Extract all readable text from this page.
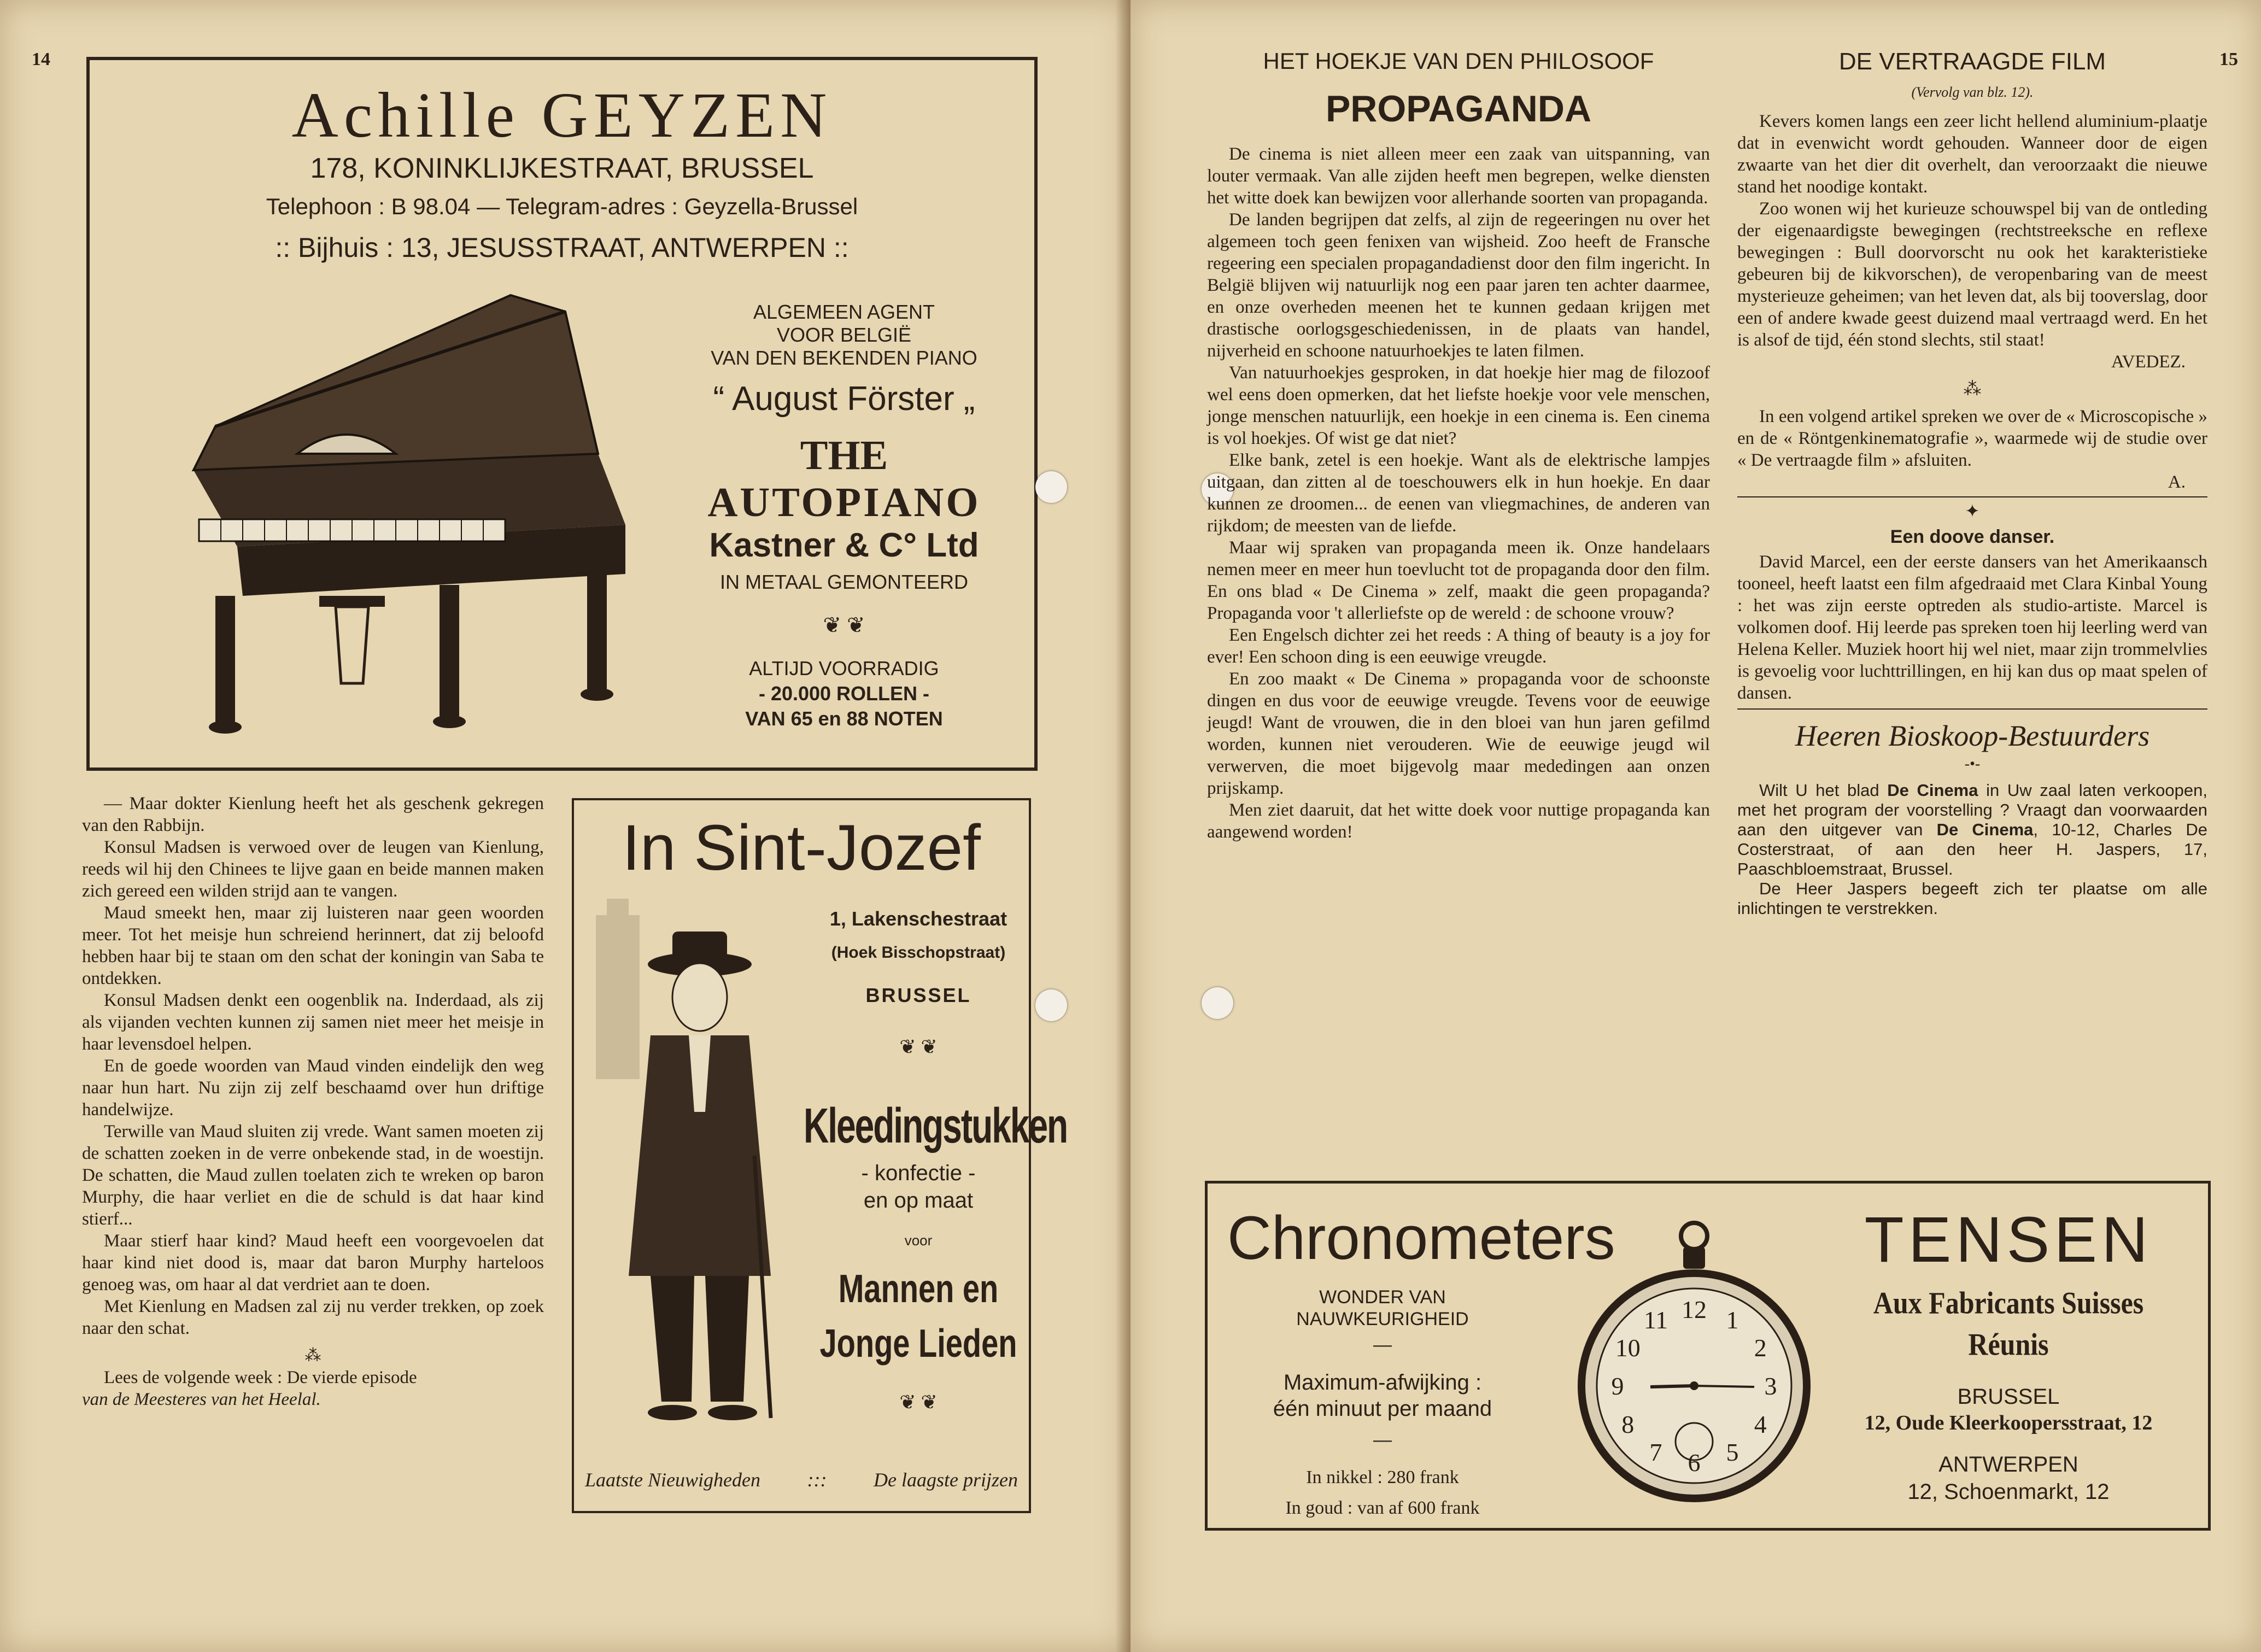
14
Achille GEYZEN
178, KONINKLIJKESTRAAT, BRUSSEL
Telephoon : B 98.04 — Telegram-adres : Geyzella-Brussel
:: Bijhuis : 13, JESUSSTRAAT, ANTWERPEN ::
ALGEMEEN AGENT
VOOR BELGIË
VAN DEN BEKENDEN PIANO
“ August Förster „
THE
AUTOPIANO
Kastner & C° Ltd
IN METAAL GEMONTEERD
❦ ❦
ALTIJD VOORRADIG
- 20.000 ROLLEN -
VAN 65 en 88 NOTEN

— Maar dokter Kienlung heeft het als geschenk gekregen van den Rabbijn.

Konsul Madsen is verwoed over de leugen van Kienlung, reeds wil hij den Chinees te lijve gaan en beide mannen maken zich gereed een wilden strijd aan te vangen.

Maud smeekt hen, maar zij luisteren naar geen woorden meer. Tot het meisje hun schreiend herinnert, dat zij beloofd hebben haar bij te staan om den schat der koningin van Saba te ontdekken.

Konsul Madsen denkt een oogenblik na. Inderdaad, als zij als vijanden vechten kunnen zij samen niet meer het meisje in haar levensdoel helpen.

En de goede woorden van Maud vinden eindelijk den weg naar hun hart. Nu zijn zij zelf beschaamd over hun driftige handelwijze.

Terwille van Maud sluiten zij vrede. Want samen moeten zij de schatten zoeken in de verre onbekende stad, in de woestijn. De schatten, die Maud zullen toelaten zich te wreken op baron Murphy, die haar verliet en die de schuld is dat haar kind stierf...

Maar stierf haar kind? Maud heeft een voorgevoelen dat haar kind niet dood is, maar dat baron Murphy harteloos genoeg was, om haar al dat verdriet aan te doen.

Met Kienlung en Madsen zal zij nu verder trekken, op zoek naar den schat.

⁂

Lees de volgende week : De vierde episode

van de Meesteres van het Heelal.
In Sint-Jozef
1, Lakenschestraat
(Hoek Bisschopstraat)
BRUSSEL
❦ ❦
Kleedingstukken
- konfectie -
en op maat
voor
Mannen en
Jonge Lieden
❦ ❦
Laatste Nieuwigheden ::: De laagste prijzen
15
HET HOEKJE VAN DEN PHILOSOOF
PROPAGANDA

De cinema is niet alleen meer een zaak van uitspanning, van louter vermaak. Van alle zijden heeft men begrepen, welke diensten het witte doek kan bewijzen voor allerhande soorten van propaganda.

De landen begrijpen dat zelfs, al zijn de regeeringen nu over het algemeen toch geen fenixen van wijsheid. Zoo heeft de Fransche regeering een specialen propagandadienst door den film ingericht. In België blijven wij natuurlijk nog een paar jaren ten achter daarmee, en onze overheden meenen het te kunnen gedaan krijgen met drastische oorlogsgeschiedenissen, in de plaats van handel, nijverheid en schoone natuurhoekjes te laten filmen.

Van natuurhoekjes gesproken, in dat hoekje hier mag de filozoof wel eens doen opmerken, dat het liefste hoekje voor vele menschen, jonge menschen natuurlijk, een hoekje in een cinema is. Een cinema is vol hoekjes. Of wist ge dat niet?

Elke bank, zetel is een hoekje. Want als de elektrische lampjes uitgaan, dan zitten al de toeschouwers elk in hun hoekje. En daar kunnen ze droomen... de eenen van vliegmachines, de anderen van rijkdom; de meesten van de liefde.

Maar wij spraken van propaganda meen ik. Onze handelaars nemen meer en meer hun toevlucht tot de propaganda door den film. En ons blad « De Cinema » zelf, maakt die geen propaganda? Propaganda voor 't allerliefste op de wereld : de schoone vrouw?

Een Engelsch dichter zei het reeds : A thing of beauty is a joy for ever! Een schoon ding is een eeuwige vreugde.

En zoo maakt « De Cinema » propaganda voor de schoonste dingen en dus voor de eeuwige vreugde. Tevens voor de eeuwige jeugd! Want de vrouwen, die in den bloei van hun jaren gefilmd worden, kunnen niet verouderen. Wie de eeuwige jeugd wil verwerven, die moet bijgevolg maar mededingen aan onzen prijskamp.

Men ziet daaruit, dat het witte doek voor nuttige propaganda kan aangewend worden!

DE VERTRAAGDE FILM
(Vervolg van blz. 12).

Kevers komen langs een zeer licht hellend aluminium-plaatje dat in evenwicht wordt gehouden. Wanneer door de eigen zwaarte van het dier dit overhelt, dan veroorzaakt die nieuwe stand het noodige kontakt.

Zoo wonen wij het kurieuze schouwspel bij van de ontleding der eigenaardigste bewegingen (rechtstreeksche en reflexe bewegingen : Bull doorvorscht nu ook het karakteristieke gebeuren bij de kikvorschen), de veropenbaring van de meest mysterieuze geheimen; van het leven dat, als bij tooverslag, door een of andere kwade geest duizend maal vertraagd werd. En het is alsof de tijd, één stond slechts, stil staat!

AVEDEZ.
⁂

In een volgend artikel spreken we over de « Microscopische » en de « Röntgenkinematografie », waarmede wij de studie over « De vertraagde film » afsluiten.

A.
✦
Een doove danser.

David Marcel, een der eerste dansers van het Amerikaansch tooneel, heeft laatst een film afgedraaid met Clara Kinbal Young : het was zijn eerste optreden als studio-artiste. Marcel is volkomen doof. Hij leerde pas spreken toen hij leerling werd van Helena Keller. Muziek hoort hij wel niet, maar zijn trommelvlies is gevoelig voor luchttrillingen, en hij kan dus op maat spelen of dansen.

Heeren Bioskoop-Bestuurders
-•-
Wilt U het blad De Cinema in Uw zaal laten verkoopen, met het program der voorstelling ? Vraagt dan voorwaarden aan den uitgever van De Cinema, 10-12, Charles De Costerstraat, of aan den heer H. Jaspers, 17, Paaschbloemstraat, Brussel.
De Heer Jaspers begeeft zich ter plaatse om alle inlichtingen te verstrekken.
Chronometers
WONDER VAN
NAUWKEURIGHEID
—
Maximum-afwijking :
één minuut per maand
—
In nikkel : 280 frank
In goud : van af 600 frank
12 1
2
3
4
5
6
7
8
9
10
11
TENSEN
Aux Fabricants Suisses
Réunis
BRUSSEL
12, Oude Kleerkoopersstraat, 12
ANTWERPEN
12, Schoenmarkt, 12
